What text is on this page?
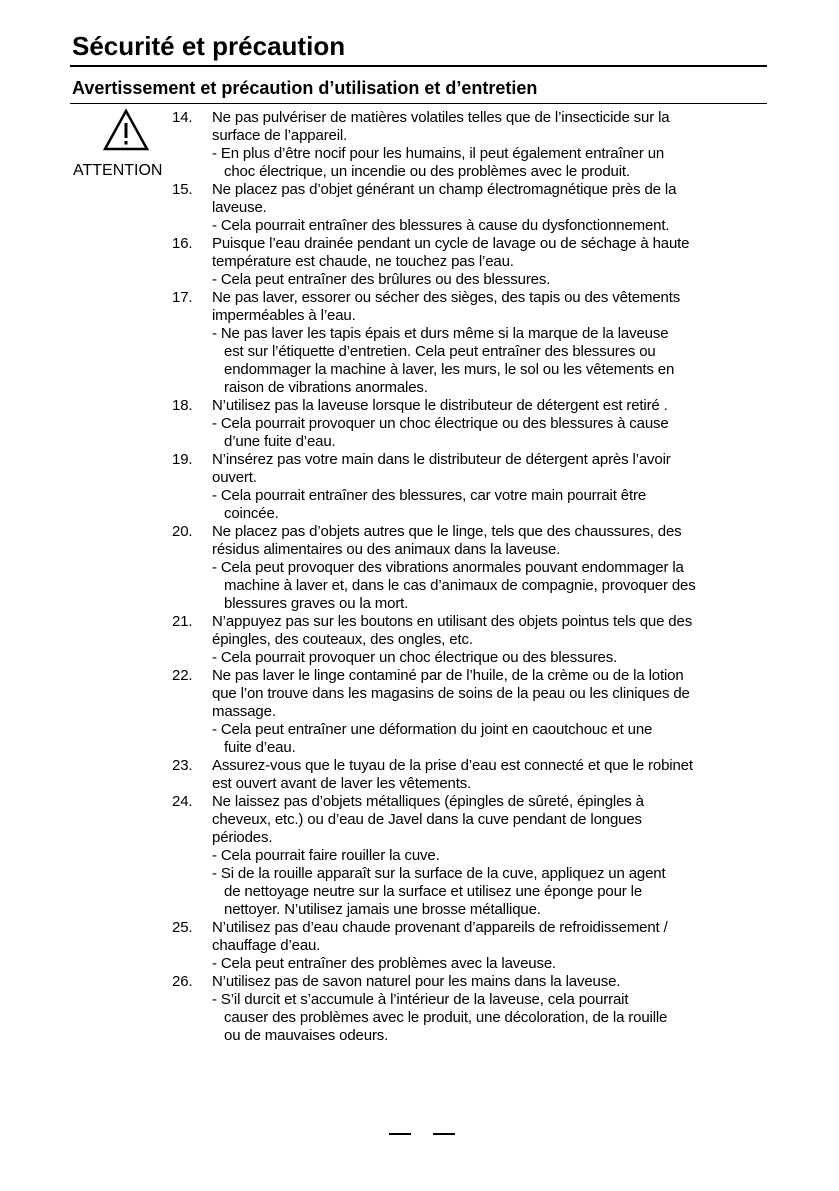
Sécurité et précaution
Avertissement et précaution d’utilisation et d’entretien
ATTENTION
14.	Ne pas pulvériser de matières volatiles telles que de l’insecticide sur la
surface de l’appareil.
- En plus d’être nocif pour les humains, il peut également entraîner un
choc électrique, un incendie ou des problèmes avec le produit.
15.	Ne placez pas d’objet générant un champ électromagnétique près de la
laveuse.
- Cela pourrait entraîner des blessures à cause du dysfonctionnement.
16.	Puisque l’eau drainée pendant un cycle de lavage ou de séchage à haute
température est chaude, ne touchez pas l’eau.
- Cela peut entraîner des brûlures ou des blessures.
17.	Ne pas laver, essorer ou sécher des sièges, des tapis ou des vêtements
imperméables à l’eau.
- Ne pas laver les tapis épais et durs même si la marque de la laveuse
est sur l’étiquette d’entretien. Cela peut entraîner des blessures ou
endommager la machine à laver, les murs, le sol ou les vêtements en
raison de vibrations anormales.
18.	N’utilisez pas la laveuse lorsque le distributeur de détergent est retiré .
- Cela pourrait provoquer un choc électrique ou des blessures à cause
d’une fuite d’eau.
19.	N’insérez pas votre main dans le distributeur de détergent après l’avoir
ouvert.
- Cela pourrait entraîner des blessures, car votre main pourrait être
coincée.
20.	Ne placez pas d’objets autres que le linge, tels que des chaussures, des
résidus alimentaires ou des animaux dans la laveuse.
- Cela peut provoquer des vibrations anormales pouvant endommager la
machine à laver et, dans le cas d’animaux de compagnie, provoquer des
blessures graves ou la mort.
21.	N’appuyez pas sur les boutons en utilisant des objets pointus tels que des
épingles, des couteaux, des ongles, etc.
- Cela pourrait provoquer un choc électrique ou des blessures.
22.	Ne pas laver le linge contaminé par de l’huile, de la crème ou de la lotion
que l’on trouve dans les magasins de soins de la peau ou les cliniques de
massage.
- Cela peut entraîner une déformation du joint en caoutchouc et une
fuite d’eau.
23.	Assurez-vous que le tuyau de la prise d’eau est connecté et que le robinet
est ouvert avant de laver les vêtements.
24.	Ne laissez pas d’objets métalliques (épingles de sûreté, épingles à
cheveux, etc.) ou d’eau de Javel dans la cuve pendant de longues
périodes.
- Cela pourrait faire rouiller la cuve.
- Si de la rouille apparaît sur la surface de la cuve, appliquez un agent
de nettoyage neutre sur la surface et utilisez une éponge pour le
nettoyer. N’utilisez jamais une brosse métallique.
25.	N’utilisez pas d’eau chaude provenant d’appareils de refroidissement /
chauffage d’eau.
- Cela peut entraîner des problèmes avec la laveuse.
26.	N’utilisez pas de savon naturel pour les mains dans la laveuse.
- S’il durcit et s’accumule à l’intérieur de la laveuse, cela pourrait
causer des problèmes avec le produit, une décoloration, de la rouille
ou de mauvaises odeurs.
